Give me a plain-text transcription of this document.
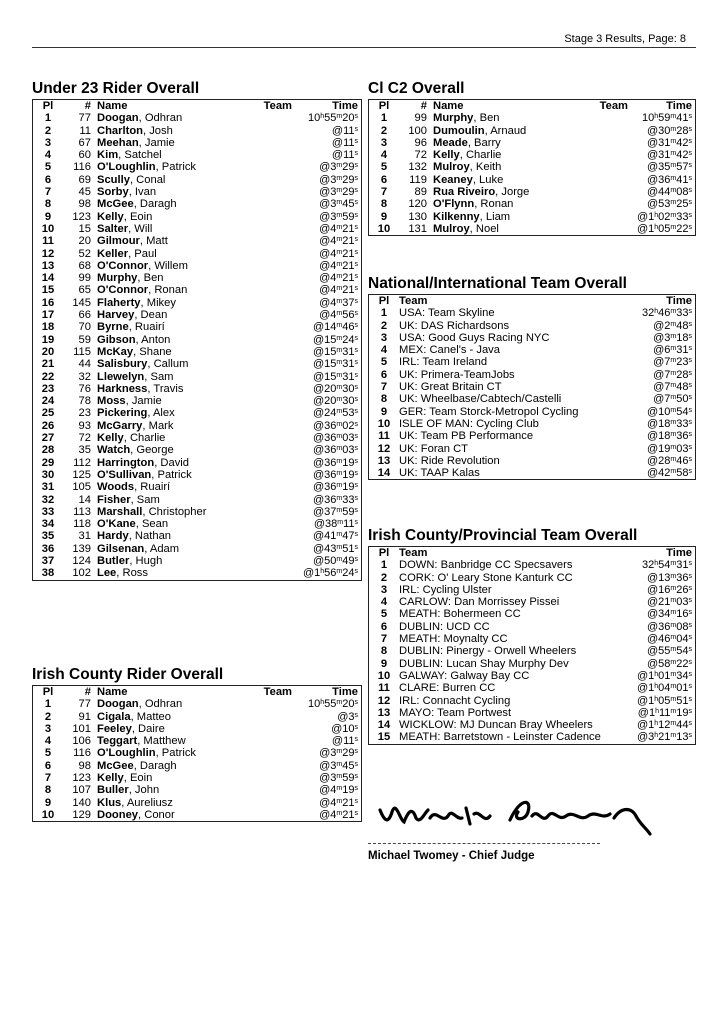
Stage 3 Results, Page: 8
Under 23 Rider Overall
Pl	#	Name	Team	Time
1	77	Doogan, Odhran		10$^h$55$^m$20$^s$
2	11	Charlton, Josh		@11$^s$
3	67	Meehan, Jamie		@11$^s$
4	60	Kim, Satchel		@11$^s$
5	116	O'Loughlin, Patrick		@3$^m$29$^s$
6	69	Scully, Conal		@3$^m$29$^s$
7	45	Sorby, Ivan		@3$^m$29$^s$
8	98	McGee, Daragh		@3$^m$45$^s$
9	123	Kelly, Eoin		@3$^m$59$^s$
10	15	Salter, Will		@4$^m$21$^s$
11	20	Gilmour, Matt		@4$^m$21$^s$
12	52	Keller, Paul		@4$^m$21$^s$
13	68	O'Connor, Willem		@4$^m$21$^s$
14	99	Murphy, Ben		@4$^m$21$^s$
15	65	O'Connor, Ronan		@4$^m$21$^s$
16	145	Flaherty, Mikey		@4$^m$37$^s$
17	66	Harvey, Dean		@4$^m$56$^s$
18	70	Byrne, Ruairí		@14$^m$46$^s$
19	59	Gibson, Anton		@15$^m$24$^s$
20	115	McKay, Shane		@15$^m$31$^s$
21	44	Salisbury, Callum		@15$^m$31$^s$
22	32	Llewelyn, Sam		@15$^m$31$^s$
23	76	Harkness, Travis		@20$^m$30$^s$
24	78	Moss, Jamie		@20$^m$30$^s$
25	23	Pickering, Alex		@24$^m$53$^s$
26	93	McGarry, Mark		@36$^m$02$^s$
27	72	Kelly, Charlie		@36$^m$03$^s$
28	35	Watch, George		@36$^m$03$^s$
29	112	Harrington, David		@36$^m$19$^s$
30	125	O'Sullivan, Patrick		@36$^m$19$^s$
31	105	Woods, Ruairí		@36$^m$19$^s$
32	14	Fisher, Sam		@36$^m$33$^s$
33	113	Marshall, Christopher		@37$^m$59$^s$
34	118	O'Kane, Sean		@38$^m$11$^s$
35	31	Hardy, Nathan		@41$^m$47$^s$
36	139	Gilsenan, Adam		@43$^m$51$^s$
37	124	Butler, Hugh		@50$^m$49$^s$
38	102	Lee, Ross		@1$^h$56$^m$24$^s$
Irish County Rider Overall
Pl	#	Name	Team	Time
1	77	Doogan, Odhran		10$^h$55$^m$20$^s$
2	91	Cigala, Matteo		@3$^s$
3	101	Feeley, Daire		@10$^s$
4	106	Teggart, Matthew		@11$^s$
5	116	O'Loughlin, Patrick		@3$^m$29$^s$
6	98	McGee, Daragh		@3$^m$45$^s$
7	123	Kelly, Eoin		@3$^m$59$^s$
8	107	Buller, John		@4$^m$19$^s$
9	140	Klus, Aureliusz		@4$^m$21$^s$
10	129	Dooney, Conor		@4$^m$21$^s$
Cl C2 Overall
Pl	#	Name	Team	Time
1	99	Murphy, Ben		10$^h$59$^m$41$^s$
2	100	Dumoulin, Arnaud		@30$^m$28$^s$
3	96	Meade, Barry		@31$^m$42$^s$
4	72	Kelly, Charlie		@31$^m$42$^s$
5	132	Mulroy, Keith		@35$^m$57$^s$
6	119	Keaney, Luke		@36$^m$41$^s$
7	89	Rua Riveiro, Jorge		@44$^m$08$^s$
8	120	O'Flynn, Ronan		@53$^m$25$^s$
9	130	Kilkenny, Liam		@1$^h$02$^m$33$^s$
10	131	Mulroy, Noel		@1$^h$05$^m$22$^s$
National/International Team Overall
Pl	Team	Time
1	USA: Team Skyline	32$^h$46$^m$33$^s$
2	UK: DAS Richardsons	@2$^m$48$^s$
3	USA: Good Guys Racing NYC	@3$^m$18$^s$
4	MEX: Canel's - Java	@6$^m$31$^s$
5	IRL: Team Ireland	@7$^m$23$^s$
6	UK: Primera-TeamJobs	@7$^m$28$^s$
7	UK: Great Britain CT	@7$^m$48$^s$
8	UK: Wheelbase/Cabtech/Castelli	@7$^m$50$^s$
9	GER: Team Storck-Metropol Cycling	@10$^m$54$^s$
10	ISLE OF MAN: Cycling Club	@18$^m$33$^s$
11	UK: Team PB Performance	@18$^m$36$^s$
12	UK: Foran CT	@19$^m$03$^s$
13	UK: Ride Revolution	@28$^m$46$^s$
14	UK: TAAP Kalas	@42$^m$58$^s$
Irish County/Provincial Team Overall
Pl	Team	Time
1	DOWN: Banbridge CC Specsavers	32$^h$54$^m$31$^s$
2	CORK: O' Leary Stone Kanturk CC	@13$^m$36$^s$
3	IRL: Cycling Ulster	@16$^m$26$^s$
4	CARLOW: Dan Morrissey Pissei	@21$^m$03$^s$
5	MEATH: Bohermeen CC	@34$^m$16$^s$
6	DUBLIN: UCD CC	@36$^m$08$^s$
7	MEATH: Moynalty CC	@46$^m$04$^s$
8	DUBLIN: Pinergy - Orwell Wheelers	@55$^m$54$^s$
9	DUBLIN: Lucan Shay Murphy Dev	@58$^m$22$^s$
10	GALWAY: Galway Bay CC	@1$^h$01$^m$34$^s$
11	CLARE: Burren CC	@1$^h$04$^m$01$^s$
12	IRL: Connacht Cycling	@1$^h$05$^m$51$^s$
13	MAYO: Team Portwest	@1$^h$11$^m$19$^s$
14	WICKLOW: MJ Duncan Bray Wheelers	@1$^h$12$^m$44$^s$
15	MEATH: Barretstown - Leinster Cadence	@3$^h$21$^m$13$^s$
Michael Twomey - Chief Judge
